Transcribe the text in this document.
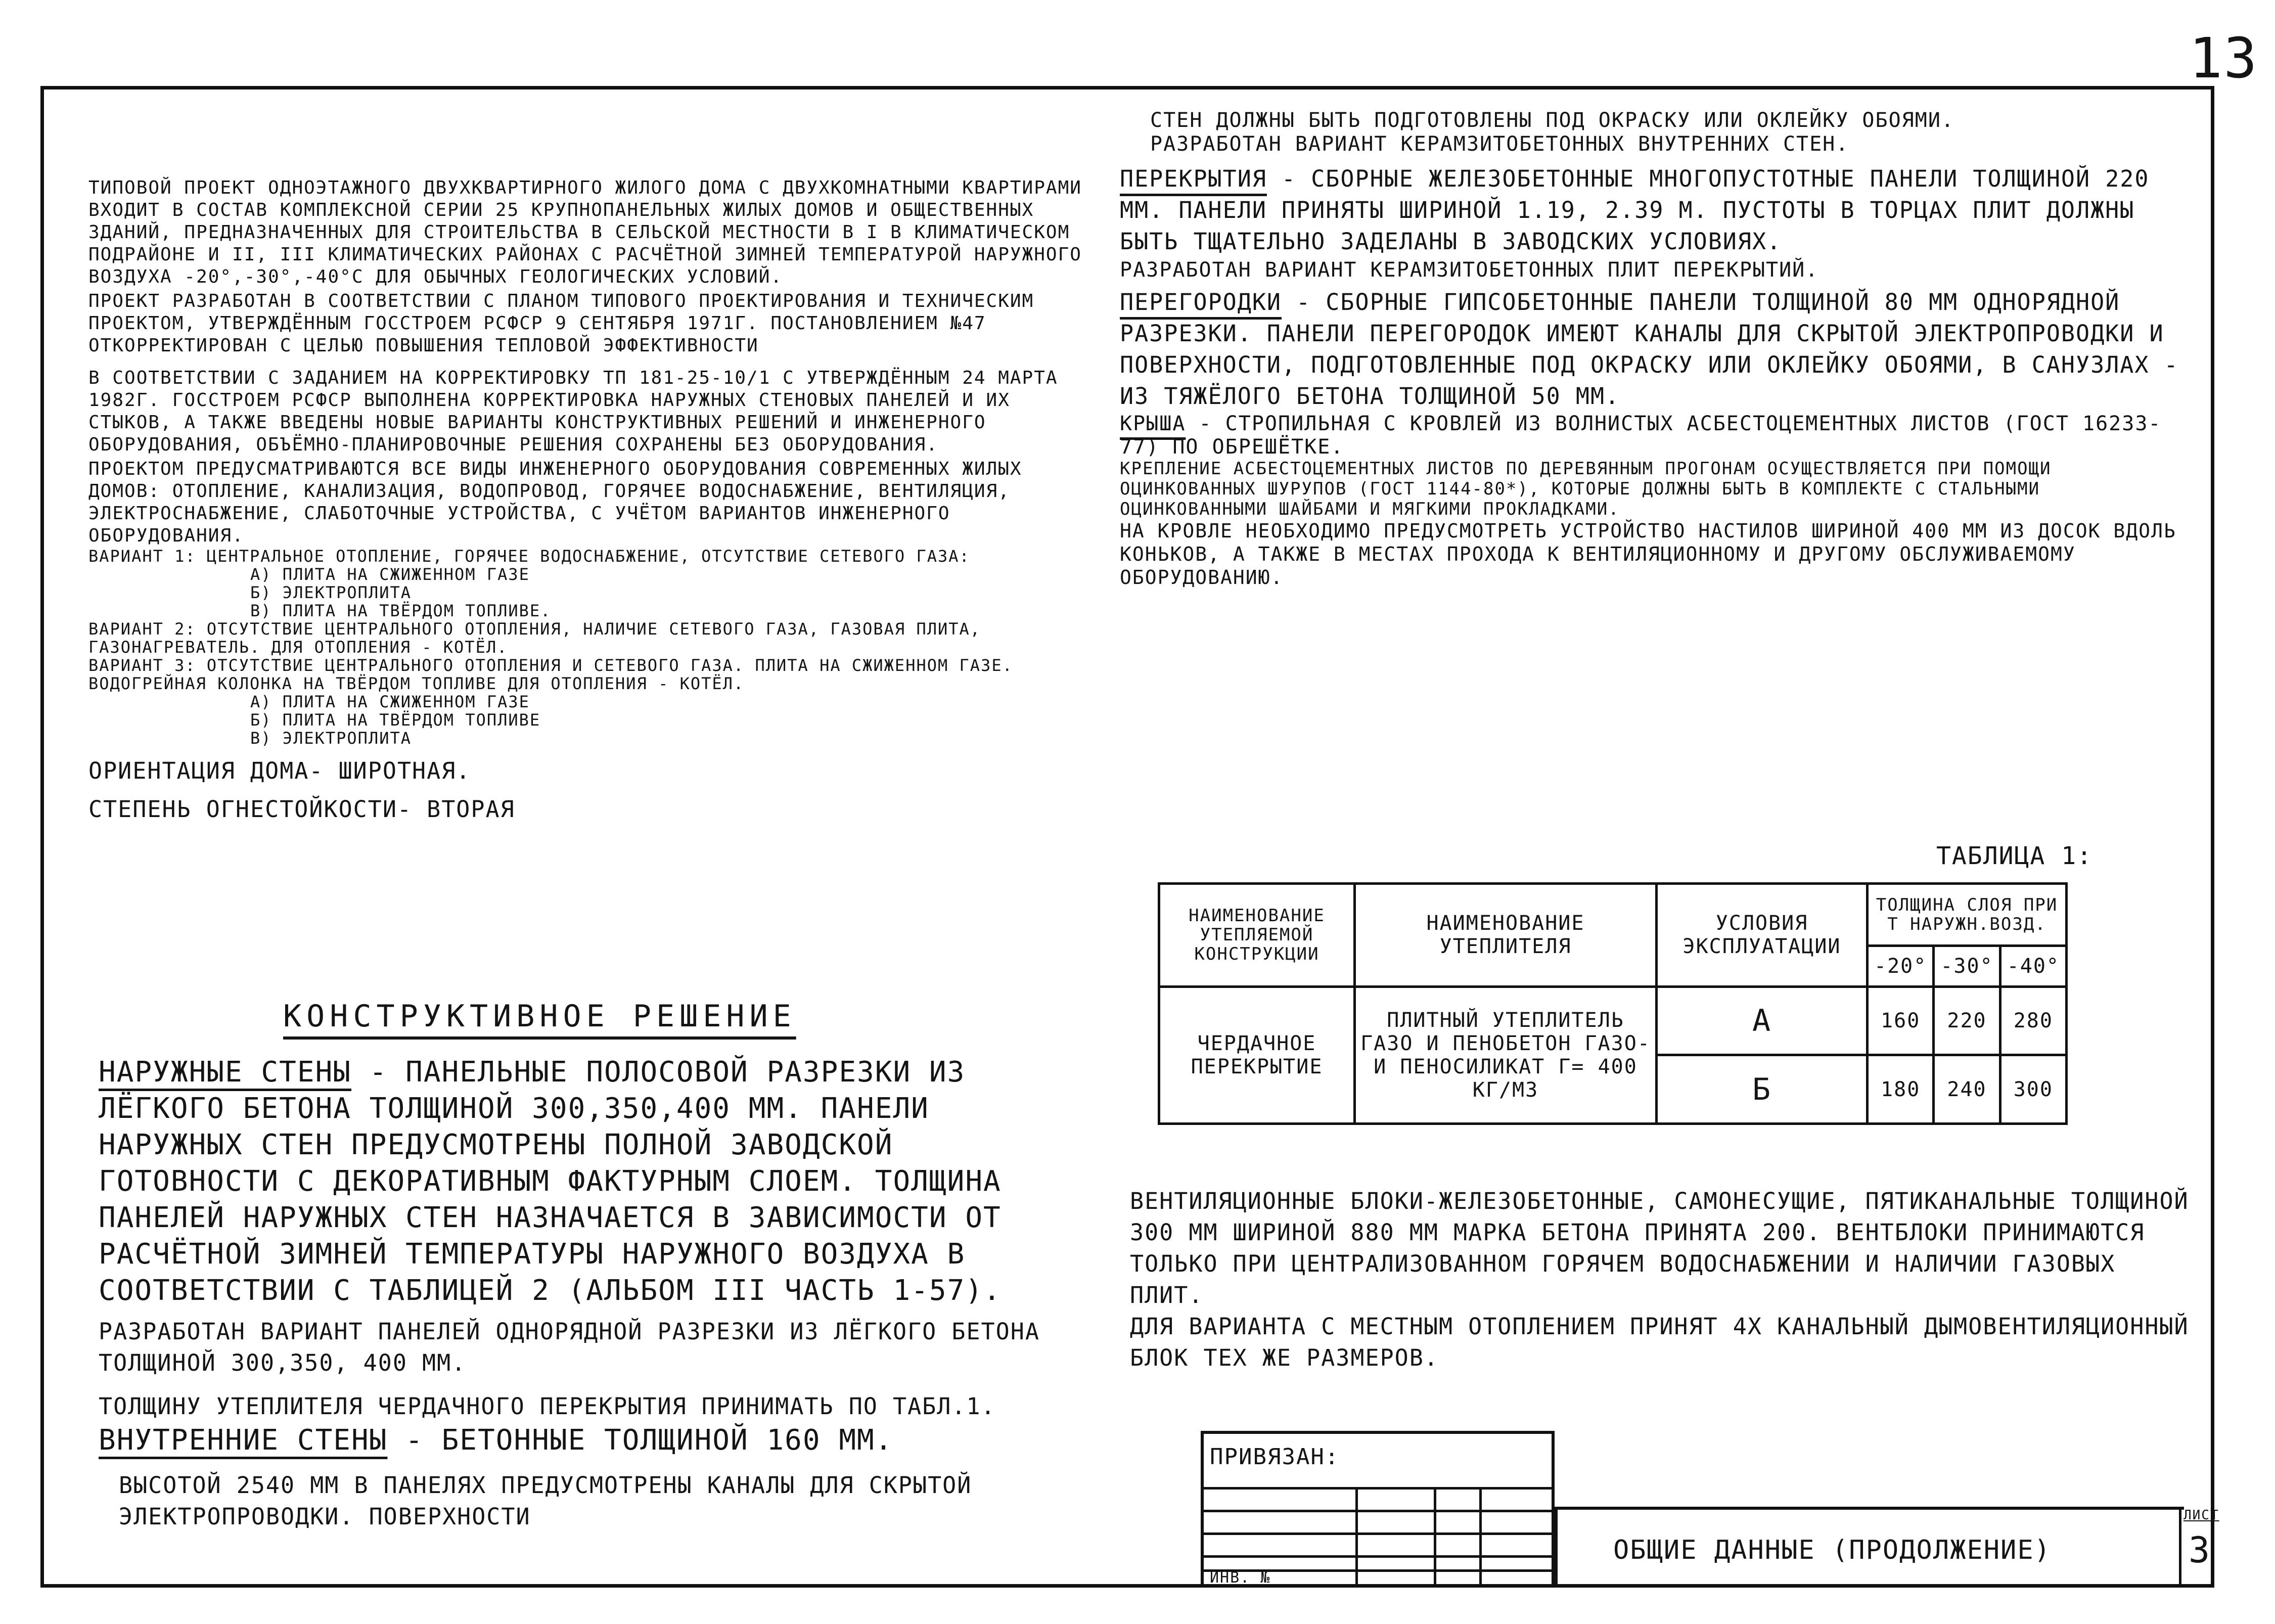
13

ТИПОВОЙ ПРОЕКТ ОДНОЭТАЖНОГО ДВУХКВАРТИРНОГО ЖИЛОГО ДОМА С ДВУХКОМНАТНЫМИ КВАРТИРАМИ ВХОДИТ В СОСТАВ КОМПЛЕКСНОЙ СЕРИИ 25 КРУПНОПАНЕЛЬНЫХ ЖИЛЫХ ДОМОВ И ОБЩЕСТВЕННЫХ ЗДАНИЙ, ПРЕДНАЗНАЧЕННЫХ ДЛЯ СТРОИТЕЛЬСТВА В СЕЛЬСКОЙ МЕСТНОСТИ В I В КЛИМАТИЧЕСКОМ ПОДРАЙОНЕ И II, III КЛИМАТИЧЕСКИХ РАЙОНАХ С РАСЧЁТНОЙ ЗИМНЕЙ ТЕМПЕРАТУРОЙ НАРУЖНОГО ВОЗДУХА -20°,-30°,-40°С ДЛЯ ОБЫЧНЫХ ГЕОЛОГИЧЕСКИХ УСЛОВИЙ.

ПРОЕКТ РАЗРАБОТАН В СООТВЕТСТВИИ С ПЛАНОМ ТИПОВОГО ПРОЕКТИРОВАНИЯ И ТЕХНИЧЕСКИМ ПРОЕКТОМ, УТВЕРЖДЁННЫМ ГОССТРОЕМ РСФСР 9 СЕНТЯБРЯ 1971Г. ПОСТАНОВЛЕНИЕМ №47 ОТКОРРЕКТИРОВАН С ЦЕЛЬЮ ПОВЫШЕНИЯ ТЕПЛОВОЙ ЭФФЕКТИВНОСТИ

В СООТВЕТСТВИИ С ЗАДАНИЕМ НА КОРРЕКТИРОВКУ ТП 181-25-10/1 С УТВЕРЖДЁННЫМ 24 МАРТА 1982Г. ГОССТРОЕМ РСФСР ВЫПОЛНЕНА КОРРЕКТИРОВКА НАРУЖНЫХ СТЕНОВЫХ ПАНЕЛЕЙ И ИХ СТЫКОВ, А ТАКЖЕ ВВЕДЕНЫ НОВЫЕ ВАРИАНТЫ КОНСТРУКТИВНЫХ РЕШЕНИЙ И ИНЖЕНЕРНОГО ОБОРУДОВАНИЯ, ОБЪЁМНО-ПЛАНИРОВОЧНЫЕ РЕШЕНИЯ СОХРАНЕНЫ БЕЗ ОБОРУДОВАНИЯ.

ПРОЕКТОМ ПРЕДУСМАТРИВАЮТСЯ ВСЕ ВИДЫ ИНЖЕНЕРНОГО ОБОРУДОВАНИЯ СОВРЕМЕННЫХ ЖИЛЫХ ДОМОВ: ОТОПЛЕНИЕ, КАНАЛИЗАЦИЯ, ВОДОПРОВОД, ГОРЯЧЕЕ ВОДОСНАБЖЕНИЕ, ВЕНТИЛЯЦИЯ, ЭЛЕКТРОСНАБЖЕНИЕ, СЛАБОТОЧНЫЕ УСТРОЙСТВА, С УЧЁТОМ ВАРИАНТОВ ИНЖЕНЕРНОГО ОБОРУДОВАНИЯ.

ВАРИАНТ 1: ЦЕНТРАЛЬНОЕ ОТОПЛЕНИЕ, ГОРЯЧЕЕ ВОДОСНАБЖЕНИЕ, ОТСУТСТВИЕ СЕТЕВОГО ГАЗА:
А) ПЛИТА НА СЖИЖЕННОМ ГАЗЕ
Б) ЭЛЕКТРОПЛИТА
В) ПЛИТА НА ТВЁРДОМ ТОПЛИВЕ.
ВАРИАНТ 2: ОТСУТСТВИЕ ЦЕНТРАЛЬНОГО ОТОПЛЕНИЯ, НАЛИЧИЕ СЕТЕВОГО ГАЗА, ГАЗОВАЯ ПЛИТА, ГАЗОНАГРЕВАТЕЛЬ. ДЛЯ ОТОПЛЕНИЯ - КОТЁЛ.
ВАРИАНТ 3: ОТСУТСТВИЕ ЦЕНТРАЛЬНОГО ОТОПЛЕНИЯ И СЕТЕВОГО ГАЗА. ПЛИТА НА СЖИЖЕННОМ ГАЗЕ. ВОДОГРЕЙНАЯ КОЛОНКА НА ТВЁРДОМ ТОПЛИВЕ ДЛЯ ОТОПЛЕНИЯ - КОТЁЛ.
А) ПЛИТА НА СЖИЖЕННОМ ГАЗЕ
Б) ПЛИТА НА ТВЁРДОМ ТОПЛИВЕ
В) ЭЛЕКТРОПЛИТА

ОРИЕНТАЦИЯ ДОМА- ШИРОТНАЯ.

СТЕПЕНЬ ОГНЕСТОЙКОСТИ- ВТОРАЯ

КОНСТРУКТИВНОЕ РЕШЕНИЕ

НАРУЖНЫЕ СТЕНЫ - ПАНЕЛЬНЫЕ ПОЛОСОВОЙ РАЗРЕЗКИ ИЗ ЛЁГКОГО БЕТОНА ТОЛЩИНОЙ 300,350,400 ММ. ПАНЕЛИ НАРУЖНЫХ СТЕН ПРЕДУСМОТРЕНЫ ПОЛНОЙ ЗАВОДСКОЙ ГОТОВНОСТИ С ДЕКОРАТИВНЫМ ФАКТУРНЫМ СЛОЕМ. ТОЛЩИНА ПАНЕЛЕЙ НАРУЖНЫХ СТЕН НАЗНАЧАЕТСЯ В ЗАВИСИМОСТИ ОТ РАСЧЁТНОЙ ЗИМНЕЙ ТЕМПЕРАТУРЫ НАРУЖНОГО ВОЗДУХА В СООТВЕТСТВИИ С ТАБЛИЦЕЙ 2 (АЛЬБОМ III ЧАСТЬ 1-57).

РАЗРАБОТАН ВАРИАНТ ПАНЕЛЕЙ ОДНОРЯДНОЙ РАЗРЕЗКИ ИЗ ЛЁГКОГО БЕТОНА ТОЛЩИНОЙ 300,350, 400 ММ.

ТОЛЩИНУ УТЕПЛИТЕЛЯ ЧЕРДАЧНОГО ПЕРЕКРЫТИЯ ПРИНИМАТЬ ПО ТАБЛ.1.

ВНУТРЕННИЕ СТЕНЫ - БЕТОННЫЕ ТОЛЩИНОЙ 160 ММ.

ВЫСОТОЙ 2540 ММ В ПАНЕЛЯХ ПРЕДУСМОТРЕНЫ КАНАЛЫ ДЛЯ СКРЫТОЙ ЭЛЕКТРОПРОВОДКИ. ПОВЕРХНОСТИ

СТЕН ДОЛЖНЫ БЫТЬ ПОДГОТОВЛЕНЫ ПОД ОКРАСКУ ИЛИ ОКЛЕЙКУ ОБОЯМИ.

РАЗРАБОТАН ВАРИАНТ КЕРАМЗИТОБЕТОННЫХ ВНУТРЕННИХ СТЕН.

ПЕРЕКРЫТИЯ - СБОРНЫЕ ЖЕЛЕЗОБЕТОННЫЕ МНОГОПУСТОТНЫЕ ПАНЕЛИ ТОЛЩИНОЙ 220 ММ. ПАНЕЛИ ПРИНЯТЫ ШИРИНОЙ 1.19, 2.39 М. ПУСТОТЫ В ТОРЦАХ ПЛИТ ДОЛЖНЫ БЫТЬ ТЩАТЕЛЬНО ЗАДЕЛАНЫ В ЗАВОДСКИХ УСЛОВИЯХ.

РАЗРАБОТАН ВАРИАНТ КЕРАМЗИТОБЕТОННЫХ ПЛИТ ПЕРЕКРЫТИЙ.

ПЕРЕГОРОДКИ - СБОРНЫЕ ГИПСОБЕТОННЫЕ ПАНЕЛИ ТОЛЩИНОЙ 80 ММ ОДНОРЯДНОЙ РАЗРЕЗКИ. ПАНЕЛИ ПЕРЕГОРОДОК ИМЕЮТ КАНАЛЫ ДЛЯ СКРЫТОЙ ЭЛЕКТРОПРОВОДКИ И ПОВЕРХНОСТИ, ПОДГОТОВЛЕННЫЕ ПОД ОКРАСКУ ИЛИ ОКЛЕЙКУ ОБОЯМИ, В САНУЗЛАХ - ИЗ ТЯЖЁЛОГО БЕТОНА ТОЛЩИНОЙ 50 ММ.

КРЫША - СТРОПИЛЬНАЯ С КРОВЛЕЙ ИЗ ВОЛНИСТЫХ АСБЕСТОЦЕМЕНТНЫХ ЛИСТОВ (ГОСТ 16233-77) ПО ОБРЕШЁТКЕ.

КРЕПЛЕНИЕ АСБЕСТОЦЕМЕНТНЫХ ЛИСТОВ ПО ДЕРЕВЯННЫМ ПРОГОНАМ ОСУЩЕСТВЛЯЕТСЯ ПРИ ПОМОЩИ ОЦИНКОВАННЫХ ШУРУПОВ (ГОСТ 1144-80*), КОТОРЫЕ ДОЛЖНЫ БЫТЬ В КОМПЛЕКТЕ С СТАЛЬНЫМИ ОЦИНКОВАННЫМИ ШАЙБАМИ И МЯГКИМИ ПРОКЛАДКАМИ.

НА КРОВЛЕ НЕОБХОДИМО ПРЕДУСМОТРЕТЬ УСТРОЙСТВО НАСТИЛОВ ШИРИНОЙ 400 ММ ИЗ ДОСОК ВДОЛЬ КОНЬКОВ, А ТАКЖЕ В МЕСТАХ ПРОХОДА К ВЕНТИЛЯЦИОННОМУ И ДРУГОМУ ОБСЛУЖИВАЕМОМУ ОБОРУДОВАНИЮ.

ТАБЛИЦА 1:
НАИМЕНОВАНИЕ УТЕПЛЯЕМОЙ КОНСТРУКЦИИ	НАИМЕНОВАНИЕ УТЕПЛИТЕЛЯ	УСЛОВИЯ ЭКСПЛУАТАЦИИ	ТОЛЩИНА СЛОЯ ПРИ T НАРУЖН.ВОЗД.		
			-20°	-30°	-40°
ЧЕРДАЧНОЕ ПЕРЕКРЫТИЕ	ПЛИТНЫЙ УТЕПЛИТЕЛЬ ГАЗО И ПЕНОБЕТОН ГАЗО- И ПЕНОСИЛИКАТ Γ= 400 КГ/М3	А	160	220	280
		Б	180	240	300

ВЕНТИЛЯЦИОННЫЕ БЛОКИ-ЖЕЛЕЗОБЕТОННЫЕ, САМОНЕСУЩИЕ, ПЯТИКАНАЛЬНЫЕ ТОЛЩИНОЙ 300 ММ ШИРИНОЙ 880 ММ МАРКА БЕТОНА ПРИНЯТА 200. ВЕНТБЛОКИ ПРИНИМАЮТСЯ ТОЛЬКО ПРИ ЦЕНТРАЛИЗОВАННОМ ГОРЯЧЕМ ВОДОСНАБЖЕНИИ И НАЛИЧИИ ГАЗОВЫХ ПЛИТ.

ДЛЯ ВАРИАНТА С МЕСТНЫМ ОТОПЛЕНИЕМ ПРИНЯТ 4Х КАНАЛЬНЫЙ ДЫМОВЕНТИЛЯЦИОННЫЙ БЛОК ТЕХ ЖЕ РАЗМЕРОВ.

ПРИВЯЗАН:
ИНВ. №
ОБЩИЕ ДАННЫЕ (ПРОДОЛЖЕНИЕ)
ЛИСТ
3
